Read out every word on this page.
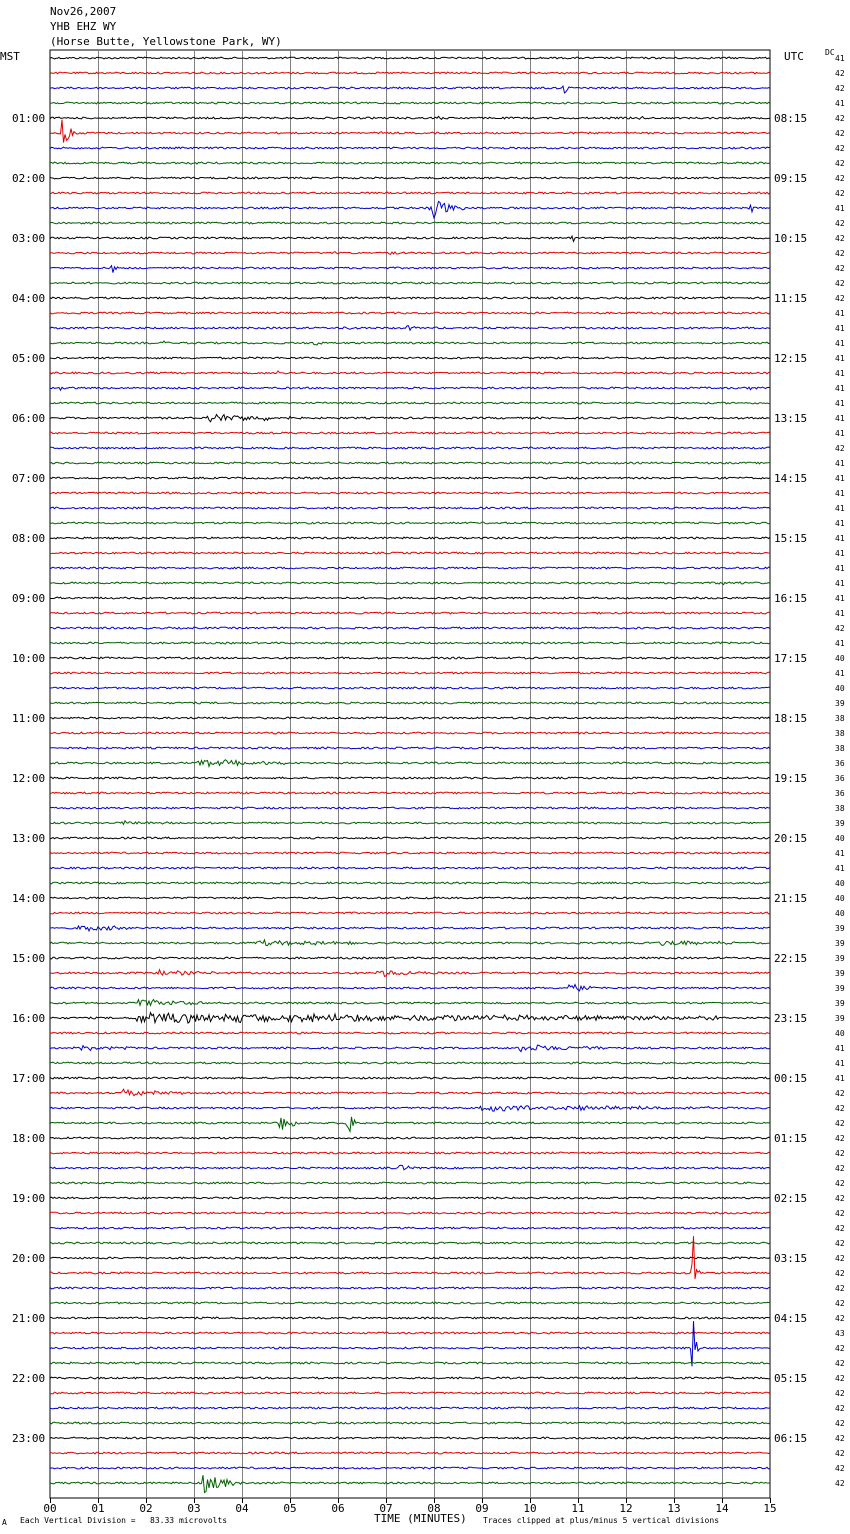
Nov26,2007
YHB EHZ WY
(Horse Butte, Yellowstone Park, WY)
MST	UTC	DC
01:00
02:00
03:00
04:00
05:00
06:00
07:00
08:00
09:00
10:00
11:00
12:00
13:00
14:00
15:00
16:00
17:00
18:00
19:00
20:00
21:00
22:00
23:00
08:15
09:15
10:15
11:15
12:15
13:15
14:15
15:15
16:15
17:15
18:15
19:15
20:15
21:15
22:15
23:15
00:15
01:15
02:15
03:15
04:15
05:15
06:15
41
42
42
41
42
42
42
42
42
42
41
42
42
42
42
42
42
41
41
41
41
41
41
41
41
41
42
41
41
41
41
41
41
41
41
41
41
41
42
41
40
41
40
39
38
38
38
36
36
36
38
39
40
41
41
40
40
40
39
39
39
39
39
39
39
40
41
41
41
42
42
42
42
42
42
42
42
42
42
42
42
42
42
42
42
43
42
42
42
42
42
42
42
42
42
42
00	01	02	03	04	05	06	07	08	09	10	11	12	13	14	15
TIME (MINUTES)
Each Vertical Division =   83.33 microvolts	Traces clipped at plus/minus 5 vertical divisions
A
